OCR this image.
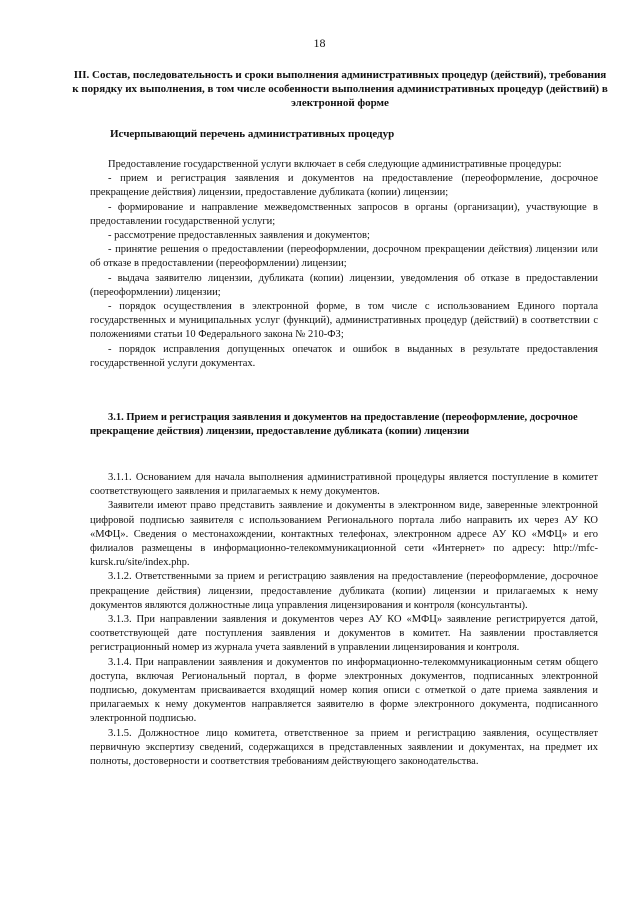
18
III. Состав, последовательность и сроки выполнения административных процедур (действий), требования к порядку их выполнения, в том числе особенности выполнения административных процедур (действий) в электронной форме
Исчерпывающий перечень административных процедур

Предоставление государственной услуги включает в себя следующие административные процедуры:

- прием и регистрация заявления и документов на предоставление (переоформление, досрочное прекращение действия) лицензии, предоставление дубликата (копии) лицензии;

- формирование и направление межведомственных запросов в органы (организации), участвующие в предоставлении государственной услуги;

- рассмотрение предоставленных заявления и документов;

- принятие решения о предоставлении (переоформлении, досрочном прекращении действия) лицензии или об отказе в предоставлении (переоформлении) лицензии;

- выдача заявителю лицензии, дубликата (копии) лицензии, уведомления об отказе в предоставлении (переоформлении) лицензии;

- порядок осуществления в электронной форме, в том числе с использованием Единого портала государственных и муниципальных услуг (функций), административных процедур (действий) в соответствии с положениями статьи 10 Федерального закона № 210-ФЗ;

- порядок исправления допущенных опечаток и ошибок в выданных в результате предоставления государственной услуги документах.

3.1. Прием и регистрация заявления и документов на предоставление (переоформление, досрочное прекращение действия) лицензии, предоставление дубликата (копии) лицензии

3.1.1. Основанием для начала выполнения административной процедуры является поступление в комитет соответствующего заявления и прилагаемых к нему документов.

Заявители имеют право представить заявление и документы в электронном виде, заверенные электронной цифровой подписью заявителя с использованием Регионального портала либо направить их через АУ КО «МФЦ». Сведения о местонахождении, контактных телефонах, электронном адресе АУ КО «МФЦ» и его филиалов размещены в информационно-телекоммуникационной сети «Интернет» по адресу: http://mfc-kursk.ru/site/index.php.

3.1.2. Ответственными за прием и регистрацию заявления на предоставление (переоформление, досрочное прекращение действия) лицензии, предоставление дубликата (копии) лицензии и прилагаемых к нему документов являются должностные лица управления лицензирования и контроля (консультанты).

3.1.3. При направлении заявления и документов через АУ КО «МФЦ» заявление регистрируется датой, соответствующей дате поступления заявления и документов в комитет. На заявлении проставляется регистрационный номер из журнала учета заявлений в управлении лицензирования и контроля.

3.1.4. При направлении заявления и документов по информационно-телекоммуникационным сетям общего доступа, включая Региональный портал, в форме электронных документов, подписанных электронной подписью, документам присваивается входящий номер копия описи с отметкой о дате приема заявления и прилагаемых к нему документов направляется заявителю в форме электронного документа, подписанного электронной подписью.

3.1.5. Должностное лицо комитета, ответственное за прием и регистрацию заявления, осуществляет первичную экспертизу сведений, содержащихся в представленных заявлении и документах, на предмет их полноты, достоверности и соответствия требованиям действующего законодательства.
